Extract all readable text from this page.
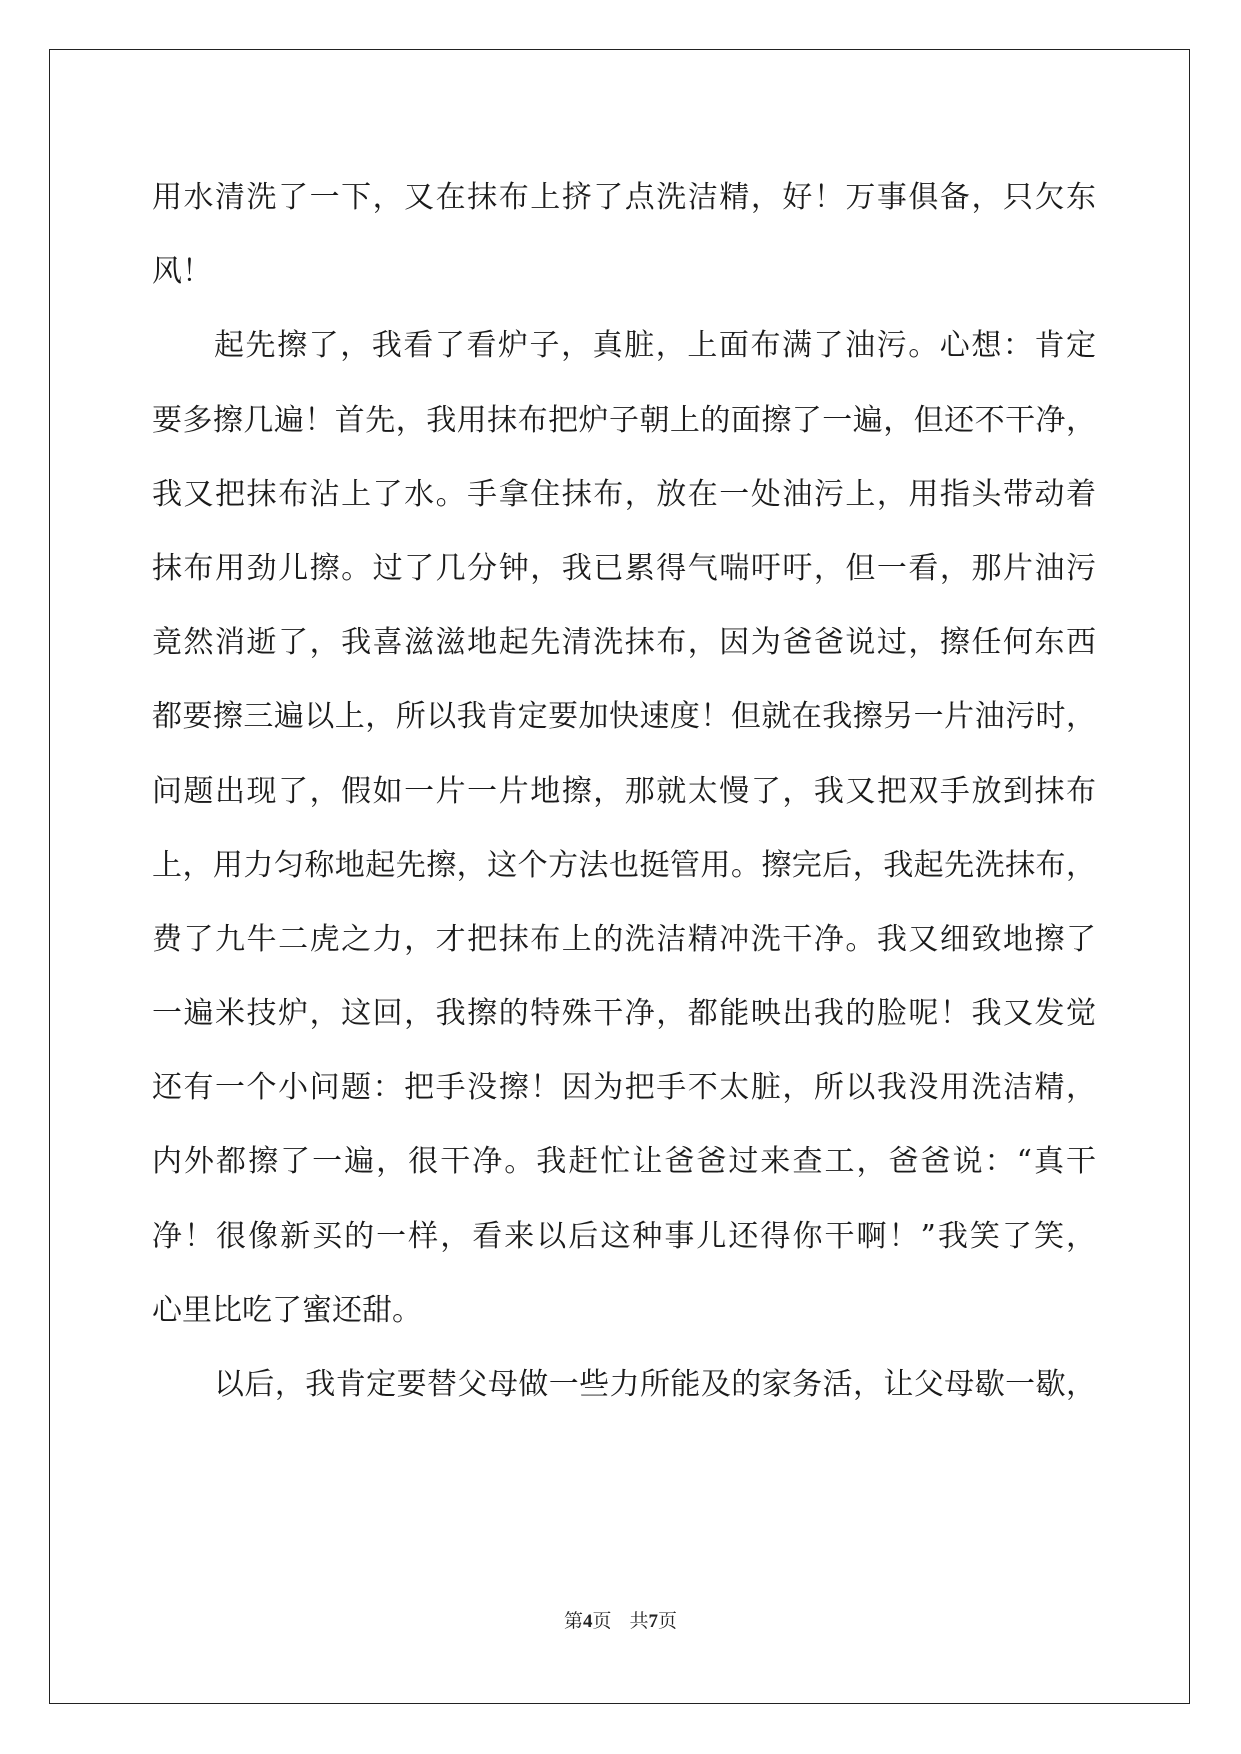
用水清洗了一下，又在抹布上挤了点洗洁精，好！万事俱备，只欠东
风！
起先擦了，我看了看炉子，真脏，上面布满了油污。心想：肯定
要多擦几遍！首先，我用抹布把炉子朝上的面擦了一遍，但还不干净，
我又把抹布沾上了水。手拿住抹布，放在一处油污上，用指头带动着
抹布用劲儿擦。过了几分钟，我已累得气喘吁吁，但一看，那片油污
竟然消逝了，我喜滋滋地起先清洗抹布，因为爸爸说过，擦任何东西
都要擦三遍以上，所以我肯定要加快速度！但就在我擦另一片油污时，
问题出现了，假如一片一片地擦，那就太慢了，我又把双手放到抹布
上，用力匀称地起先擦，这个方法也挺管用。擦完后，我起先洗抹布，
费了九牛二虎之力，才把抹布上的洗洁精冲洗干净。我又细致地擦了
一遍米技炉，这回，我擦的特殊干净，都能映出我的脸呢！我又发觉
还有一个小问题：把手没擦！因为把手不太脏，所以我没用洗洁精，
内外都擦了一遍，很干净。我赶忙让爸爸过来查工，爸爸说：“真干
净！很像新买的一样，看来以后这种事儿还得你干啊！”我笑了笑，
心里比吃了蜜还甜。
以后，我肯定要替父母做一些力所能及的家务活，让父母歇一歇，
第4页 共7页
